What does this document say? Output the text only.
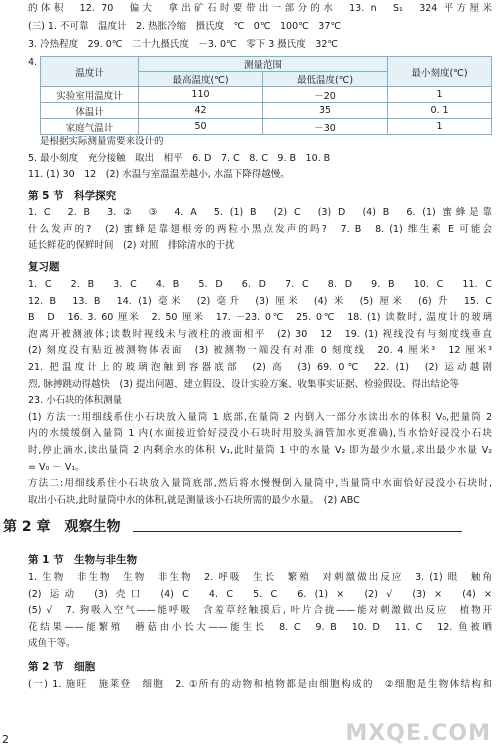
的体积　12. 70　偏大　拿出矿石时要带出一部分的水　13. n　S₁　324 平方厘米
(三) 1. 不可靠　温度计　2. 热胀冷缩　摄氏度　℃　0℃　100℃　37℃
3. 冷热程度　29. 0℃　二十九摄氏度　－3. 0℃　零下 3 摄氏度　32℃
4.
温度计	测量范围		最小刻度(℃)
	最高温度(℃)	最低温度(℃)	
实验室用温度计	110	－20	1
体温计	42	35	0. 1
家庭气温计	50	－30	1
是根据实际测量需要来设计的
5. 最小刻度　充分接触　取出　相平　6. D　7. C　8. C　9. B　10. B
11. (1) 30　12　(2) 水温与室温温差越小, 水温下降得越慢。
第 5 节　科学探究
1. C　2. B　3. ②　③　4. A　5. (1) B　(2) C　(3) D　(4) B　6. (1) 蜜蜂是靠
什么发声的?　(2) 蜜蜂是靠翅根旁的两粒小黑点发声的吗?　7. B　8. (1) 维生素 E 可能会
延长鲜花的保鲜时间　(2) 对照　排除清水的干扰
复习题
1. C　2. B　3. C　4. B　5. D　6. D　7. C　8. D　9. B　10. C　11. C
12. B　13. B　14. (1) 毫米　(2) 毫升　(3) 厘米　(4) 米　(5) 厘米　(6) 升　15. C
B　D　16. 3. 60 厘米　2. 50 厘米　17. －23. 0℃　25. 0℃　18. (1) 读数时, 温度计的玻璃
泡离开被测液体;读数时视线未与液柱的液面相平　(2) 30　12　19. (1) 视线没有与刻度线垂直
(2) 刻度没有贴近被测物体表面　(3) 被测物一端没有对准 0 刻度线　20. 4 厘米³　12 厘米³
21. 把温度计上的玻璃泡触到容器底部　(2) 高　(3) 69. 0℃　22. (1)　(2) 运动越剧
烈, 脉搏跳动得越快　(3) 提出问题、建立假设、设计实验方案、收集事实证据、检验假设、得出结论等
23. 小石块的体积测量
(1) 方法一:用细线系住小石块放入量筒 1 底部,在量筒 2 内倒入一部分水读出水的体积 V₀,把量筒 2
内的水缓缓倒入量筒 1 内(水面接近恰好浸没小石块时用胶头滴管加水更准确),当水恰好浸没小石块
时,停止滴水,读出量筒 2 内剩余水的体积 V₁,此时量筒 1 中的水量 V₂ 即为最少水量,求出最少水量 V₂
= V₀ － V₁。
方法二:用细线系住小石块放入量筒底部,然后将水慢慢倒入量筒中,当量筒中水面恰好浸没小石块时,
取出小石块,此时量筒中水的体积,就是测量该小石块所需的最少水量。　(2) ABC
第 2 章　观察生物
第 1 节　生物与非生物
1. 生物　非生物　生物　非生物　2. 呼吸　生长　繁殖　对刺激做出反应　3. (1) 眼　触角
(2) 运动　(3) 壳口　(4) C　4. C　5. C　6. (1) ×　(2) √　(3) ×　(4) ×
(5) √　7. 狗吸入空气——能呼吸　含羞草经触摸后, 叶片合拢——能对刺激做出反应　植物开
花结果——能繁殖　蘑菇由小长大——能生长　8. C　9. B　10. D　11. C　12. 鱼被晒
成鱼干等。
第 2 节　细胞
(一) 1. 施旺　施莱登　细胞　2. ①所有的动物和植物都是由细胞构成的　②细胞是生物体结构和
2	MXQE.COM
